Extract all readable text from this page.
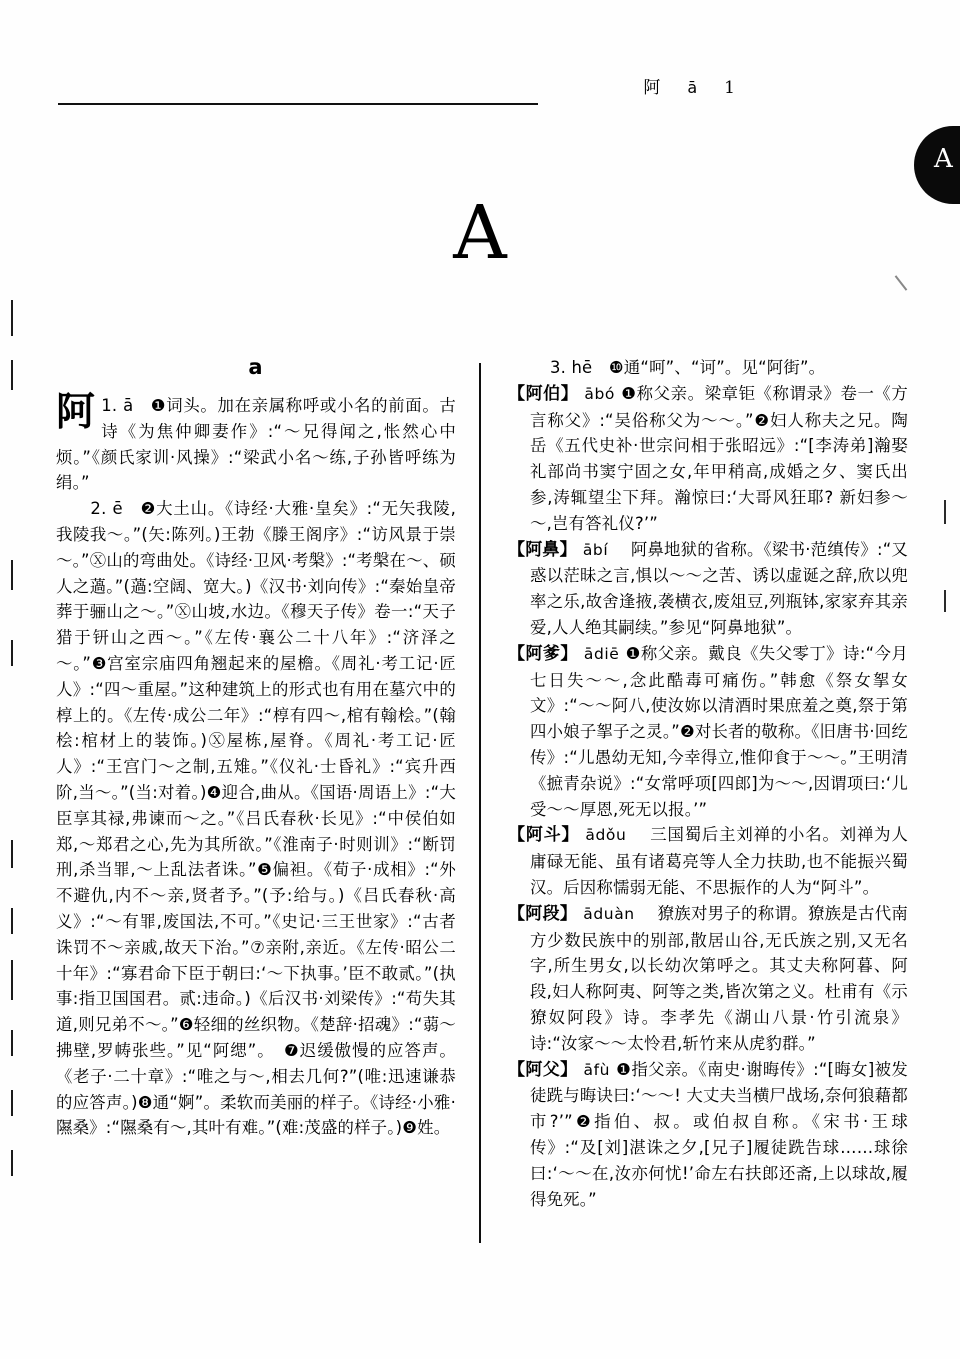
阿 ā 1
A
A
a

阿 1. ā　❶词头。加在亲属称呼或小名的前面。古诗《为焦仲卿妻作》:“～兄得闻之,怅然心中烦。”《颜氏家训·风操》:“梁武小名～练,子孙皆呼练为绢。”

　　2. ē　❷大土山。《诗经·大雅·皇矣》:“无矢我陵,我陵我～。”(矢:陈列。)王勃《滕王阁序》:“访风景于崇～。”Ⓧ山的弯曲处。《诗经·卫风·考槃》:“考槃在～、硕人之薖。”(薖:空阔、宽大。)《汉书·刘向传》:“秦始皇帝葬于骊山之～。”Ⓧ山坡,水边。《穆天子传》卷一:“天子猎于钘山之西～。”《左传·襄公二十八年》:“济泽之～。”❸宫室宗庙四角翘起来的屋檐。《周礼·考工记·匠人》:“四～重屋。”这种建筑上的形式也有用在墓穴中的椁上的。《左传·成公二年》:“椁有四～,棺有翰桧。”(翰桧:棺材上的装饰。)Ⓧ屋栋,屋脊。《周礼·考工记·匠人》:“王宫门～之制,五雉。”《仪礼·士昏礼》:“宾升西阶,当～。”(当:对着。)❹迎合,曲从。《国语·周语上》:“大臣享其禄,弗谏而～之。”《吕氏春秋·长见》:“中侯伯如郑,～郑君之心,先为其所欲。”《淮南子·时则训》:“断罚刑,杀当罪,～上乱法者诛。”❺偏袒。《荀子·成相》:“外不避仇,内不～亲,贤者予。”(予:给与。)《吕氏春秋·高义》:“～有罪,废国法,不可。”《史记·三王世家》:“古者诛罚不～亲戚,故天下治。”⑦亲附,亲近。《左传·昭公二十年》:“寡君命下臣于朝曰:‘～下执事。’臣不敢贰。”(执事:指卫国国君。贰:违命。)《后汉书·刘梁传》:“苟失其道,则兄弟不～。”❻轻细的丝织物。《楚辞·招魂》:“蒻～拂壁,罗帱张些。”见“阿缌”。　❼迟缓傲慢的应答声。《老子·二十章》:“唯之与～,相去几何?”(唯:迅速谦恭的应答声。)❽通“婀”。柔软而美丽的样子。《诗经·小雅·隰桑》:“隰桑有～,其叶有难。”(难:茂盛的样子。)❾姓。

3. hē　❿通“呵”、“诃”。见“阿街”。

【阿伯】 ābó ❶称父亲。梁章钜《称谓录》卷一《方言称父》:“吴俗称父为～～。”❷妇人称夫之兄。陶岳《五代史补·世宗问相于张昭远》:“[李涛弟]瀚娶礼部尚书窦宁固之女,年甲稍高,成婚之夕、窦氏出参,涛辄望尘下拜。瀚惊曰:‘大哥风狂耶? 新妇参～～,岂有答礼仪?’”

【阿鼻】 ābí　阿鼻地狱的省称。《梁书·范缜传》:“又惑以茫昧之言,惧以～～之苦、诱以虚诞之辞,欣以兜率之乐,故舍逢掖,袭横衣,废俎豆,列瓶钵,家家弃其亲爱,人人绝其嗣续。”参见“阿鼻地狱”。

【阿爹】 ādiē ❶称父亲。戴良《失父零丁》诗:“今月七日失～～,念此酷毒可痛伤。”韩愈《祭女挐女文》:“～～阿八,使汝妳以清酒时果庶羞之奠,祭于第四小娘子挐子之灵。”❷对长者的敬称。《旧唐书·回纥传》:“儿愚幼无知,今幸得立,惟仰食于～～。”王明清《摭青杂说》:“女常呼项[四郎]为～～,因谓项曰:‘儿受～～厚恩,死无以报。’”

【阿斗】 ādǒu　三国蜀后主刘禅的小名。刘禅为人庸碌无能、虽有诸葛亮等人全力扶助,也不能振兴蜀汉。后因称懦弱无能、不思振作的人为“阿斗”。

【阿段】 āduàn　獠族对男子的称谓。獠族是古代南方少数民族中的别部,散居山谷,无氏族之别,又无名字,所生男女,以长幼次第呼之。其丈夫称阿暮、阿段,妇人称阿夷、阿等之类,皆次第之义。杜甫有《示獠奴阿段》诗。李孝先《湖山八景·竹引流泉》诗:“汝家～～太怜君,斩竹来从虎豹群。”

【阿父】 āfù ❶指父亲。《南史·谢晦传》:“[晦女]被发徒跣与晦诀曰:‘～～! 大丈夫当横尸战场,奈何狼藉都市?’”❷指伯、叔。或伯叔自称。《宋书·王球传》:“及[刘]湛诛之夕,[兄子]履徒跣告球……球徐曰:‘～～在,汝亦何忧!’命左右扶郎还斋,上以球故,履得免死。”
